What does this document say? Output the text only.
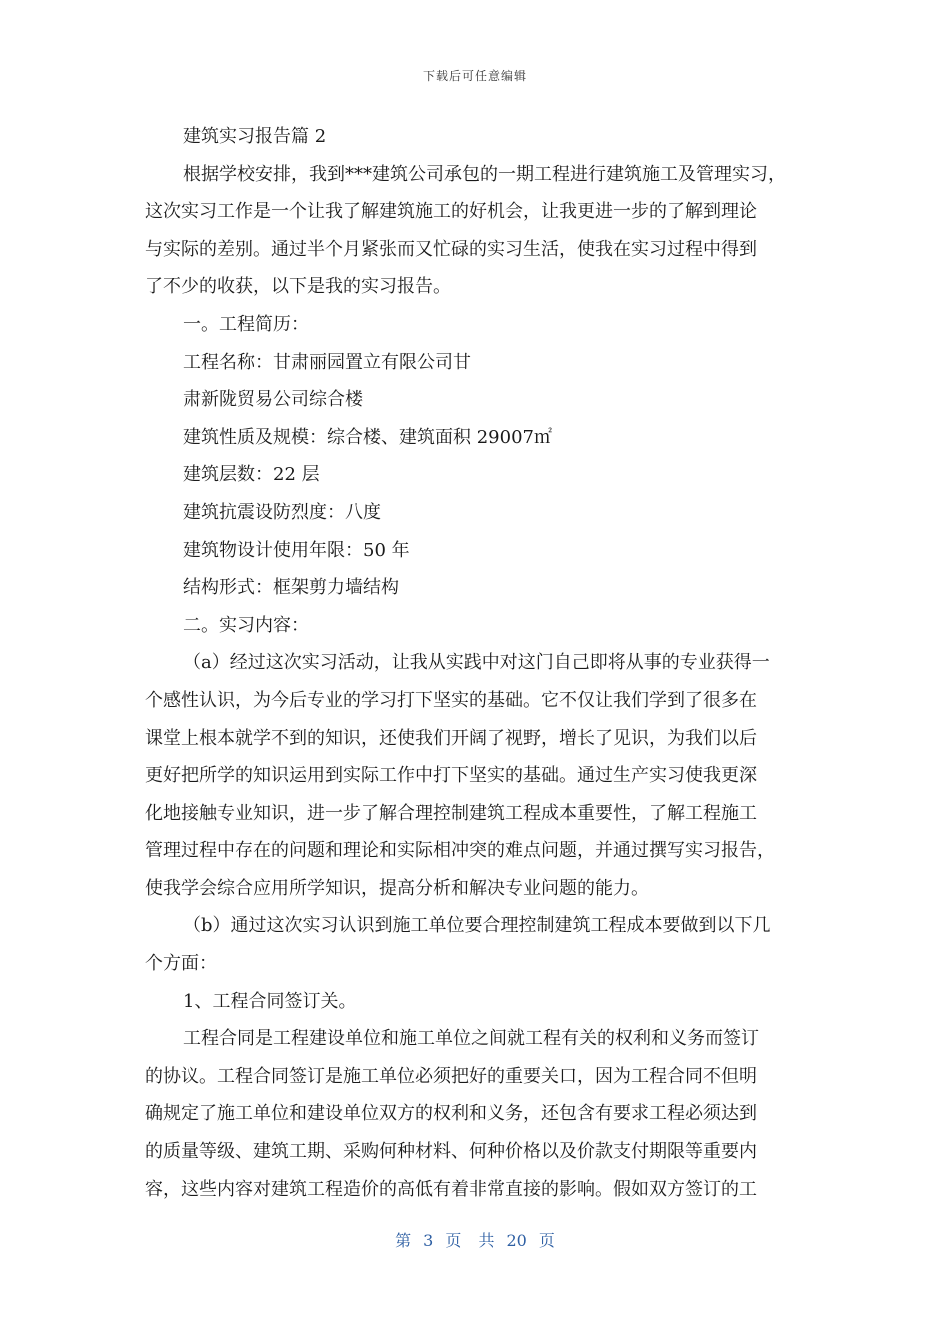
下载后可任意编辑
建筑实习报告篇 2
根据学校安排，我到***建筑公司承包的一期工程进行建筑施工及管理实习，
这次实习工作是一个让我了解建筑施工的好机会，让我更进一步的了解到理论
与实际的差别。通过半个月紧张而又忙碌的实习生活，使我在实习过程中得到
了不少的收获，以下是我的实习报告。
一。工程简历：
工程名称：甘肃丽园置立有限公司甘
肃新陇贸易公司综合楼
建筑性质及规模：综合楼、建筑面积 29007㎡
建筑层数：22 层
建筑抗震设防烈度：八度
建筑物设计使用年限：50 年
结构形式：框架剪力墙结构
二。实习内容：
（a）经过这次实习活动，让我从实践中对这门自己即将从事的专业获得一
个感性认识，为今后专业的学习打下坚实的基础。它不仅让我们学到了很多在
课堂上根本就学不到的知识，还使我们开阔了视野，增长了见识，为我们以后
更好把所学的知识运用到实际工作中打下坚实的基础。通过生产实习使我更深
化地接触专业知识，进一步了解合理控制建筑工程成本重要性，了解工程施工
管理过程中存在的问题和理论和实际相冲突的难点问题，并通过撰写实习报告，
使我学会综合应用所学知识，提高分析和解决专业问题的能力。
（b）通过这次实习认识到施工单位要合理控制建筑工程成本要做到以下几
个方面：
1、工程合同签订关。
工程合同是工程建设单位和施工单位之间就工程有关的权利和义务而签订
的协议。工程合同签订是施工单位必须把好的重要关口，因为工程合同不但明
确规定了施工单位和建设单位双方的权利和义务，还包含有要求工程必须达到
的质量等级、建筑工期、采购何种材料、何种价格以及价款支付期限等重要内
容，这些内容对建筑工程造价的高低有着非常直接的影响。假如双方签订的工
第 3 页 共 20 页
